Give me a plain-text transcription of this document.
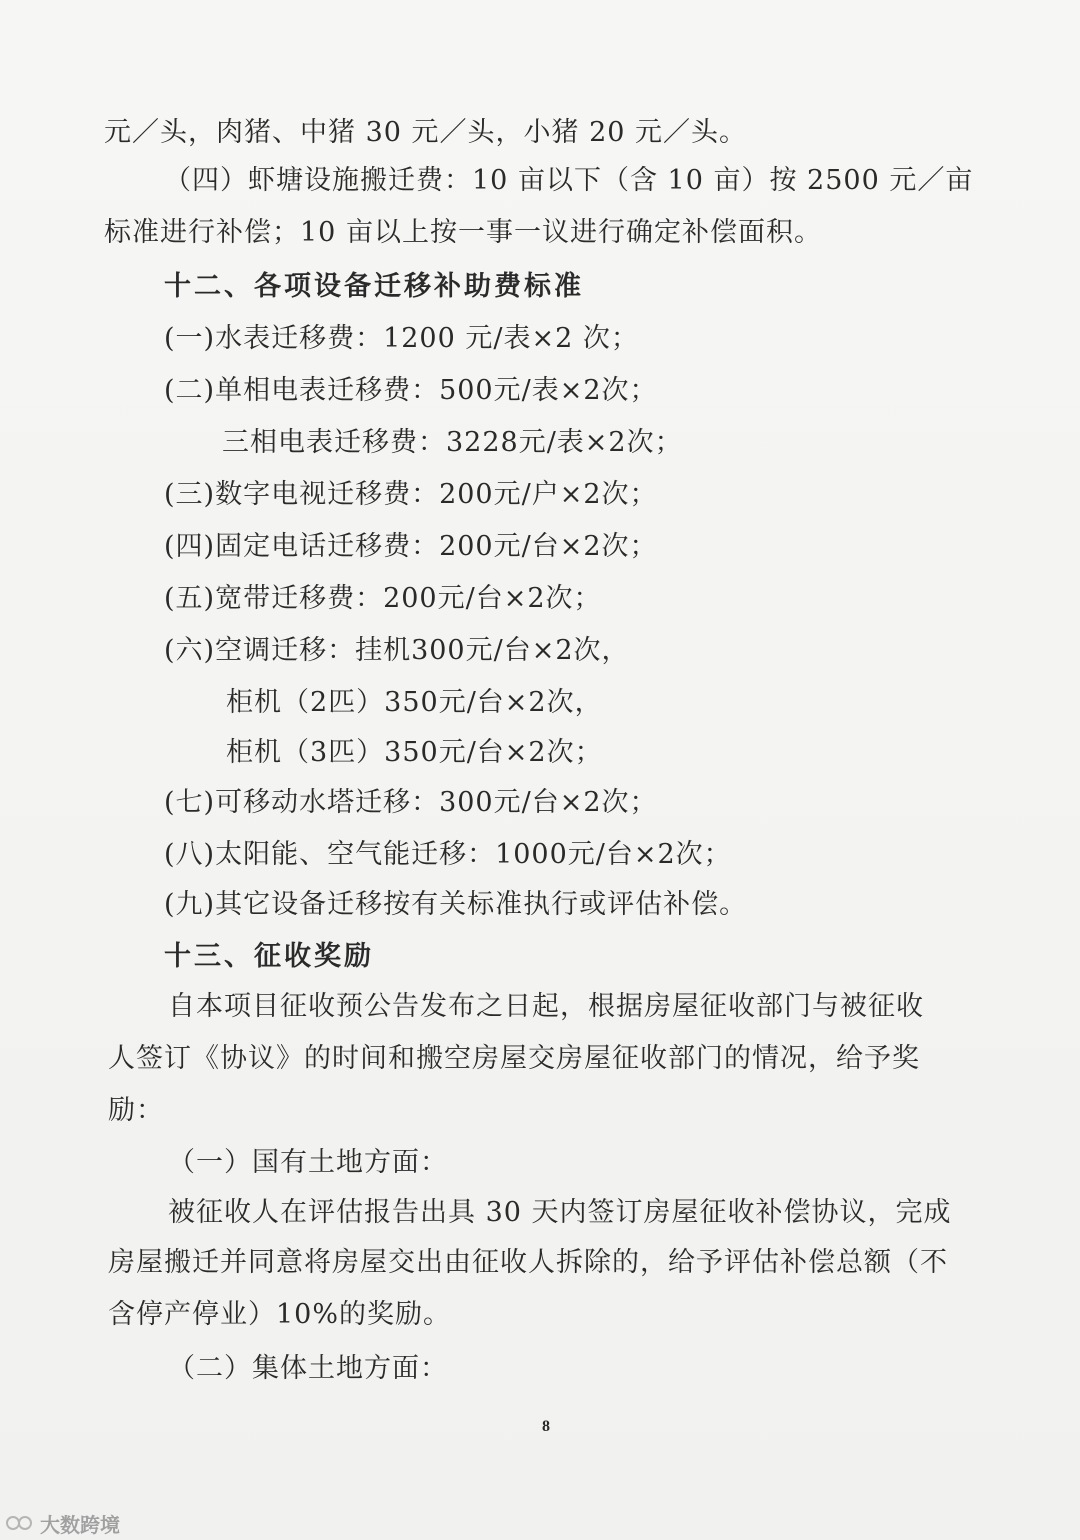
元／头，肉猪、中猪 30 元／头，小猪 20 元／头。
（四）虾塘设施搬迁费：10 亩以下（含 10 亩）按 2500 元／亩
标准进行补偿；10 亩以上按一事一议进行确定补偿面积。
十二、各项设备迁移补助费标准
(一)水表迁移费：1200 元/表×2 次；
(二)单相电表迁移费：500元/表×2次；
三相电表迁移费：3228元/表×2次；
(三)数字电视迁移费：200元/户×2次；
(四)固定电话迁移费：200元/台×2次；
(五)宽带迁移费：200元/台×2次；
(六)空调迁移：挂机300元/台×2次，
柜机（2匹）350元/台×2次，
柜机（3匹）350元/台×2次；
(七)可移动水塔迁移：300元/台×2次；
(八)太阳能、空气能迁移：1000元/台×2次；
(九)其它设备迁移按有关标准执行或评估补偿。
十三、征收奖励
自本项目征收预公告发布之日起，根据房屋征收部门与被征收
人签订《协议》的时间和搬空房屋交房屋征收部门的情况，给予奖
励：
（一）国有土地方面：
被征收人在评估报告出具 30 天内签订房屋征收补偿协议，完成
房屋搬迁并同意将房屋交出由征收人拆除的，给予评估补偿总额（不
含停产停业）10%的奖励。
（二）集体土地方面：
8
大数跨境
